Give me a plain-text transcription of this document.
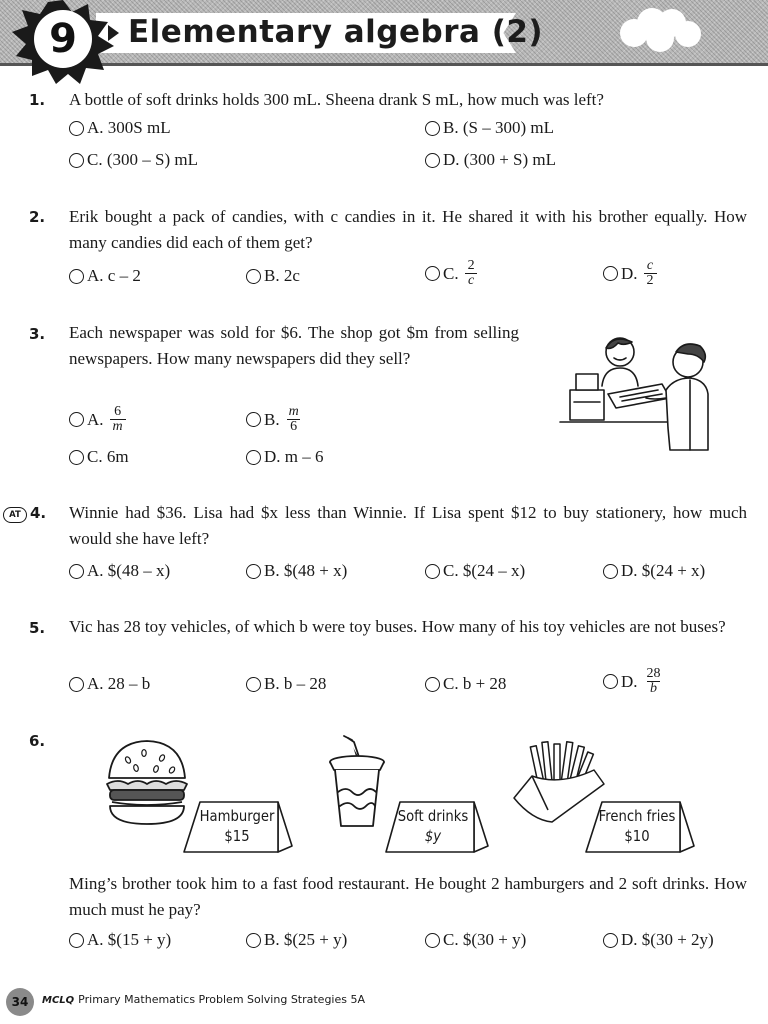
Elementary algebra (2)
9
1. A bottle of soft drinks holds 300 mL. Sheena drank S mL, how much was left?
A.
300S mL	B.
(S – 300) mL
C.
(300 – S) mL	D.
(300 + S) mL
2. Erik bought a pack of candies, with c candies in it. He shared it with his brother equally. How many candies did each of them get?
A.
c – 2	B.
2c	C. $\frac{2}{c}$	D. $\frac{c}{2}$
3. Each newspaper was sold for $6. The shop got $m from selling newspapers. How many newspapers did they sell?
A. $\frac{6}{m}$	B. $\frac{m}{6}$
C.
6m	D.
m – 6
AT 4. Winnie had $36. Lisa had $x less than Winnie. If Lisa spent $12 to buy stationery, how much would she have left?
A.
$(48 – x)	B.
$(48 + x)	C.
$(24 – x)	D.
$(24 + x)
5. Vic has 28 toy vehicles, of which b were toy buses. How many of his toy vehicles are not buses?
A.
28 – b	B.
b – 28	C.
b + 28	D. $\frac{28}{b}$
6.
Hamburger
$15
Soft drinks
$y
French fries
$10
Ming’s brother took him to a fast food restaurant. He bought 2 hamburgers and 2 soft drinks. How much must he pay?
A.
$(15 + y)	B.
$(25 + y)	C.
$(30 + y)	D.
$(30 + 2y)
34	MCLQ Primary Mathematics Problem Solving Strategies 5A
